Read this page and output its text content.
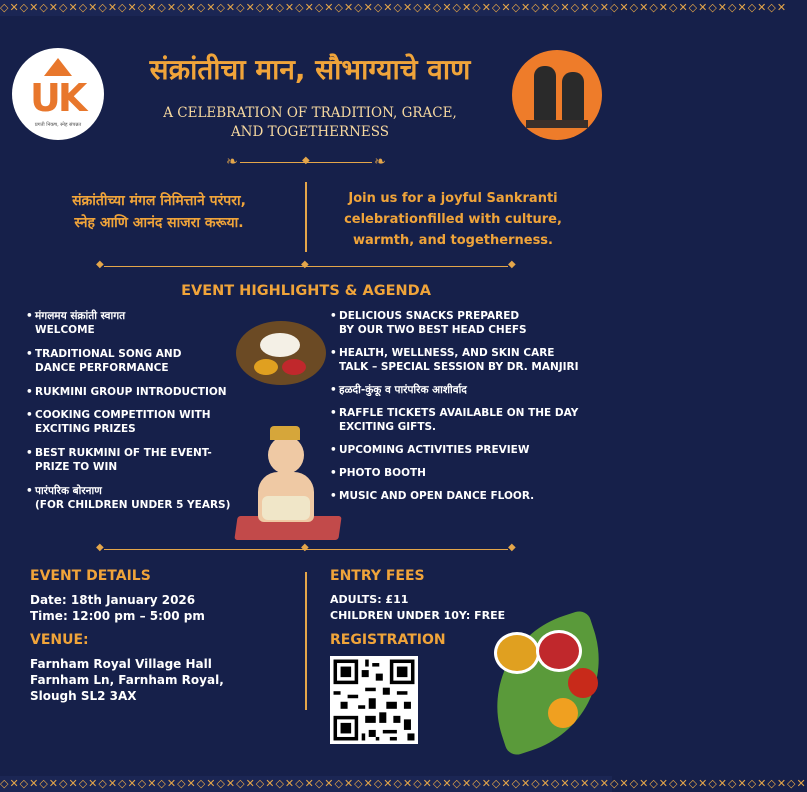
◇✕◇✕◇✕◇✕◇✕◇✕◇✕◇✕◇✕◇✕◇✕◇✕◇✕◇✕◇✕◇✕◇✕◇✕◇✕◇✕◇✕◇✕◇✕◇✕◇✕◇✕◇✕◇✕◇✕◇✕◇✕◇✕◇✕◇✕◇✕◇✕◇✕◇✕◇✕◇✕
UK
प्रगती निकष, स्नेह संपन्नत
संक्रांतीचा मान, सौभाग्याचे वाण
A CELEBRATION OF TRADITION, GRACE,
AND TOGETHERNESS
❧	❧
◆
संक्रांतीच्या मंगल निमित्ताने परंपरा,
स्नेह आणि आनंद साजरा करूया.
Join us for a joyful Sankranti
celebrationfilled with culture,
warmth, and togetherness.
◆	◆
◆
EVENT HIGHLIGHTS & AGENDA
• मंगलमय संक्रांती स्वागत
WELCOME
• TRADITIONAL SONG AND
DANCE PERFORMANCE
• RUKMINI GROUP INTRODUCTION
• COOKING COMPETITION WITH
EXCITING PRIZES
• BEST RUKMINI OF THE EVENT-
PRIZE TO WIN
• पारंपरिक बोरनाण
(FOR CHILDREN UNDER 5 YEARS)
• DELICIOUS SNACKS PREPARED
BY OUR TWO BEST HEAD CHEFS
• HEALTH, WELLNESS, AND SKIN CARE
TALK – SPECIAL SESSION BY DR. MANJIRI
• हळदी-कुंकू व पारंपरिक आशीर्वाद
• RAFFLE TICKETS AVAILABLE ON THE DAY
EXCITING GIFTS.
• UPCOMING ACTIVITIES PREVIEW
• PHOTO BOOTH
• MUSIC AND OPEN DANCE FLOOR.
◆	◆
◆
EVENT DETAILS
Date: 18th January 2026
Time: 12:00 pm – 5:00 pm
VENUE:
Farnham Royal Village Hall
Farnham Ln, Farnham Royal,
Slough SL2 3AX
ENTRY FEES
ADULTS: £11
CHILDREN UNDER 10Y: FREE
REGISTRATION
◇✕◇✕◇✕◇✕◇✕◇✕◇✕◇✕◇✕◇✕◇✕◇✕◇✕◇✕◇✕◇✕◇✕◇✕◇✕◇✕◇✕◇✕◇✕◇✕◇✕◇✕◇✕◇✕◇✕◇✕◇✕◇✕◇✕◇✕◇✕◇✕◇✕◇✕◇✕◇✕◇✕
